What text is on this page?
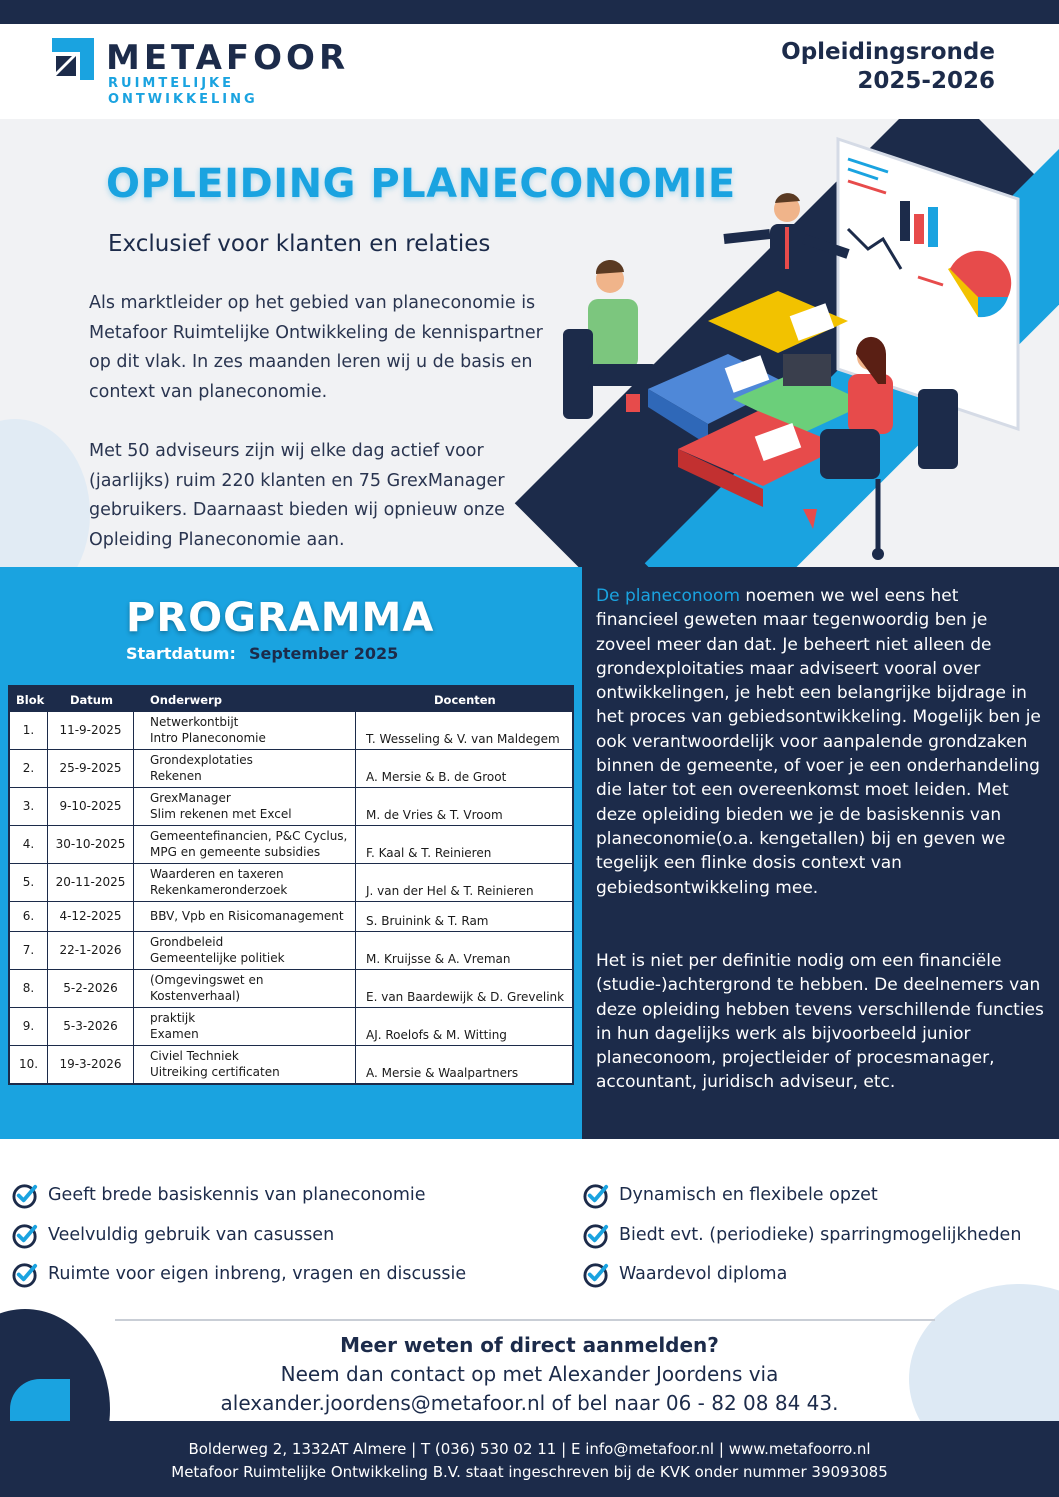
METAFOOR
RUIMTELIJKE
ONTWIKKELING
Opleidingsronde
2025-2026
OPLEIDING PLANECONOMIE
Exclusief voor klanten en relaties

Als marktleider op het gebied van planeconomie is Metafoor Ruimtelijke Ontwikkeling de kennispartner op dit vlak. In zes maanden leren wij u de basis en context van planeconomie.

Met 50 adviseurs zijn wij elke dag actief voor (jaarlijks) ruim 220 klanten en 75 GrexManager gebruikers. Daarnaast bieden wij opnieuw onze Opleiding Planeconomie aan.

PROGRAMMA
Startdatum: September 2025
Blok Datum	Onderwerp	Docenten
1.	11-9-2025
Netwerkontbijt
Intro Planeconomie	T. Wesseling & V. van Maldegem
2.	25-9-2025
Grondexplotaties
Rekenen	A. Mersie & B. de Groot
3.	9-10-2025
GrexManager
Slim rekenen met Excel	M. de Vries & T. Vroom
4.	30-10-2025
Gemeentefinancien, P&C Cyclus,
MPG en gemeente subsidies	F. Kaal & T. Reinieren
5.	20-11-2025
Waarderen en taxeren
Rekenkameronderzoek	J. van der Hel & T. Reinieren
6.	4-12-2025	BBV, Vpb en Risicomanagement	S. Bruinink & T. Ram
7.	22-1-2026
Grondbeleid
Gemeentelijke politiek	M. Kruijsse & A. Vreman
8.	5-2-2026
(Omgevingswet en
Kostenverhaal)	E. van Baardewijk & D. Grevelink
9.	5-3-2026
praktijk
Examen	AJ. Roelofs & M. Witting
10.	19-3-2026
Civiel Techniek
Uitreiking certificaten	A. Mersie & Waalpartners

De planeconoom noemen we wel eens het financieel geweten maar tegenwoordig ben je zoveel meer dan dat. Je beheert niet alleen de grondexploitaties maar adviseert vooral over ontwikkelingen, je hebt een belangrijke bijdrage in het proces van gebiedsontwikkeling. Mogelijk ben je ook verantwoordelijk voor aanpalende grondzaken binnen de gemeente, of voer je een onderhandeling die later tot een overeenkomst moet leiden. Met deze opleiding bieden we je de basiskennis van planeconomie(o.a. kengetallen) bij en geven we tegelijk een flinke dosis context van gebiedsontwikkeling mee.

Het is niet per definitie nodig om een financiële (studie-)achtergrond te hebben. De deelnemers van deze opleiding hebben tevens verschillende functies in hun dagelijks werk als bijvoorbeeld junior planeconoom, projectleider of procesmanager, accountant, juridisch adviseur, etc.

Geeft brede basiskennis van planeconomie
Veelvuldig gebruik van casussen
Ruimte voor eigen inbreng, vragen en discussie
Dynamisch en flexibele opzet
Biedt evt. (periodieke) sparringmogelijkheden
Waardevol diploma
Meer weten of direct aanmelden?
Neem dan contact op met Alexander Joordens via
alexander.joordens@metafoor.nl of bel naar 06 - 82 08 84 43.
Bolderweg 2, 1332AT Almere | T (036) 530 02 11 | E info@metafoor.nl | www.metafoorro.nl
Metafoor Ruimtelijke Ontwikkeling B.V. staat ingeschreven bij de KVK onder nummer 39093085
